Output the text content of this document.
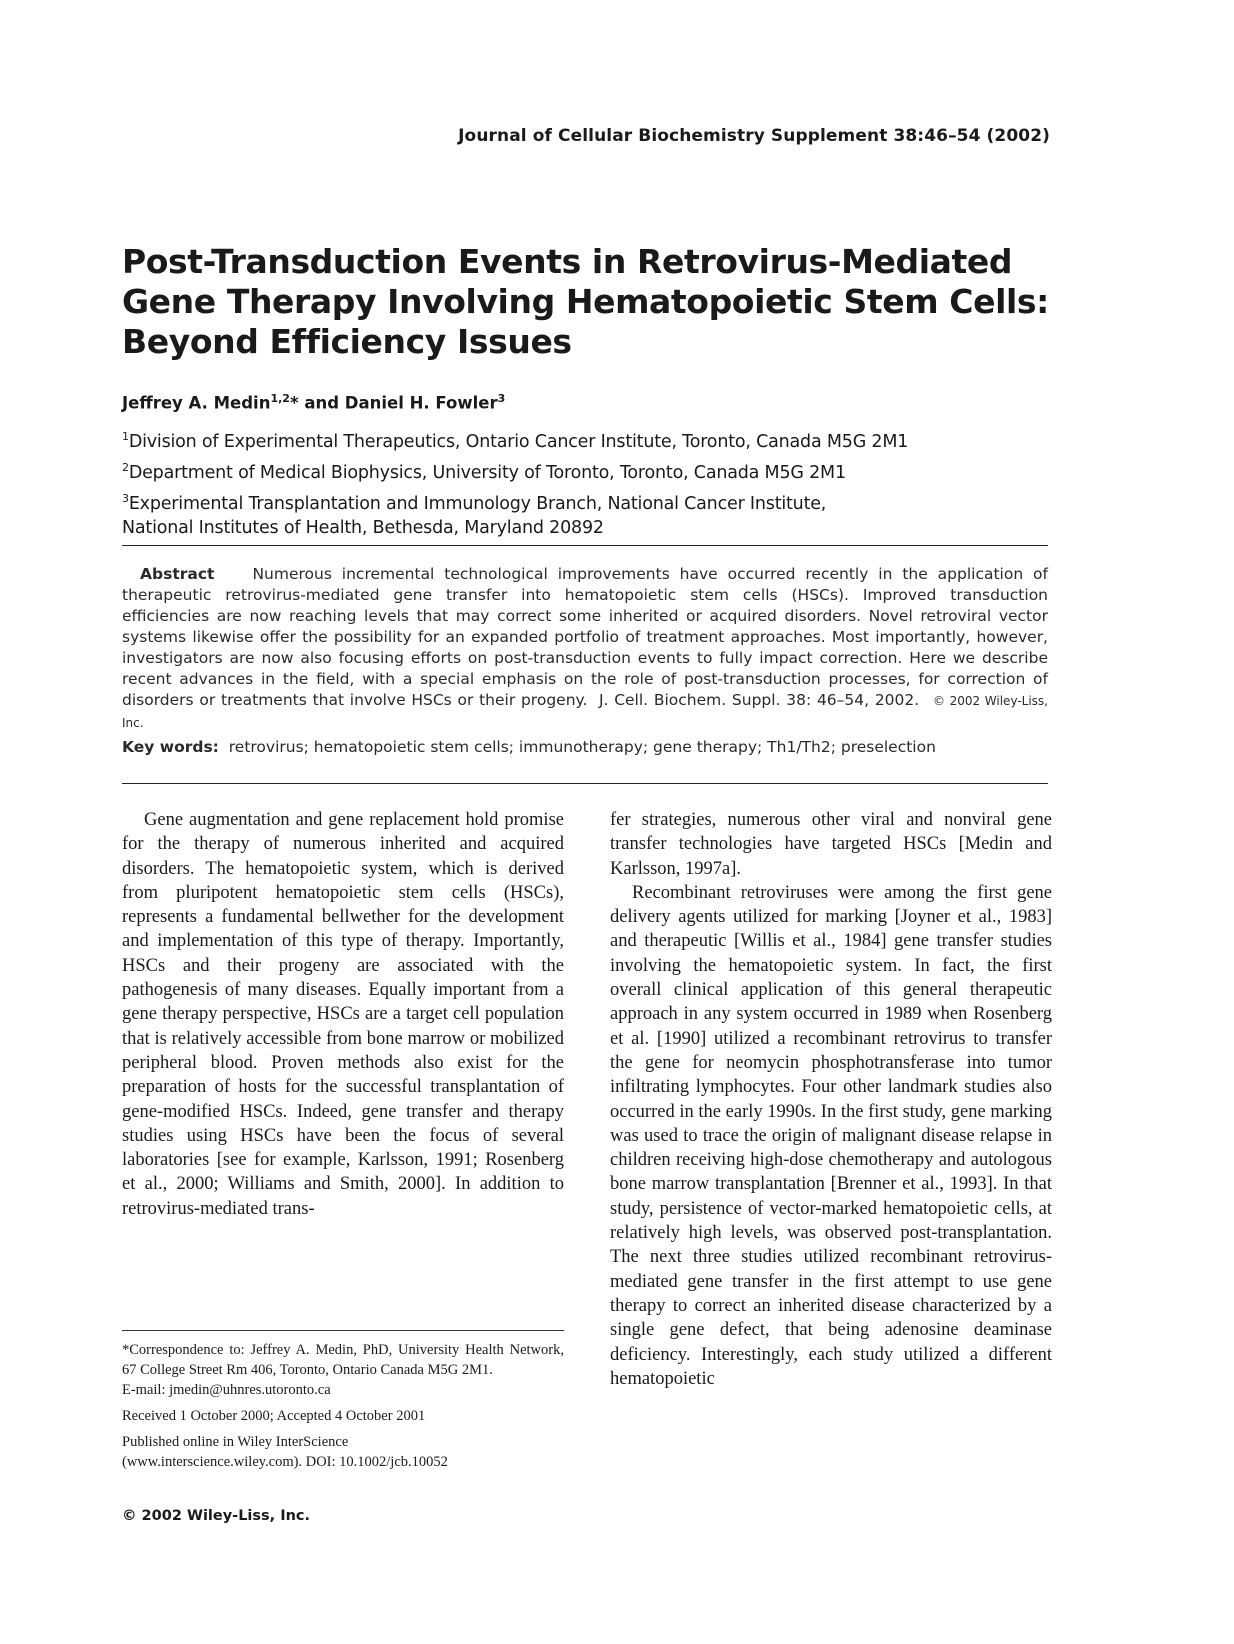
Journal of Cellular Biochemistry Supplement 38:46–54 (2002)
Post-Transduction Events in Retrovirus-Mediated Gene Therapy Involving Hematopoietic Stem Cells: Beyond Efficiency Issues
Jeffrey A. Medin$^{1,2}$* and Daniel H. Fowler$^3$
$^1$Division of Experimental Therapeutics, Ontario Cancer Institute, Toronto, Canada M5G 2M1
$^2$Department of Medical Biophysics, University of Toronto, Toronto, Canada M5G 2M1
$^3$Experimental Transplantation and Immunology Branch, National Cancer Institute,
National Institutes of Health, Bethesda, Maryland 20892

Abstract Numerous incremental technological improvements have occurred recently in the application of therapeutic retrovirus-mediated gene transfer into hematopoietic stem cells (HSCs). Improved transduction efficiencies are now reaching levels that may correct some inherited or acquired disorders. Novel retroviral vector systems likewise offer the possibility for an expanded portfolio of treatment approaches. Most importantly, however, investigators are now also focusing efforts on post-transduction events to fully impact correction. Here we describe recent advances in the field, with a special emphasis on the role of post-transduction processes, for correction of disorders or treatments that involve HSCs or their progeny. J. Cell. Biochem. Suppl. 38: 46–54, 2002. © 2002 Wiley-Liss, Inc.

Key words: retrovirus; hematopoietic stem cells; immunotherapy; gene therapy; Th1/Th2; preselection

Gene augmentation and gene replacement hold promise for the therapy of numerous inherited and acquired disorders. The hematopoietic system, which is derived from pluripotent hematopoietic stem cells (HSCs), represents a fundamental bellwether for the development and implementation of this type of therapy. Importantly, HSCs and their progeny are associated with the pathogenesis of many diseases. Equally important from a gene therapy perspective, HSCs are a target cell population that is relatively accessible from bone marrow or mobilized peripheral blood. Proven methods also exist for the preparation of hosts for the successful transplantation of gene-modified HSCs. Indeed, gene transfer and therapy studies using HSCs have been the focus of several laboratories [see for example, Karlsson, 1991; Rosenberg et al., 2000; Williams and Smith, 2000]. In addition to retrovirus-mediated trans-

fer strategies, numerous other viral and nonviral gene transfer technologies have targeted HSCs [Medin and Karlsson, 1997a].

Recombinant retroviruses were among the first gene delivery agents utilized for marking [Joyner et al., 1983] and therapeutic [Willis et al., 1984] gene transfer studies involving the hematopoietic system. In fact, the first overall clinical application of this general therapeutic approach in any system occurred in 1989 when Rosenberg et al. [1990] utilized a recombinant retrovirus to transfer the gene for neomycin phosphotransferase into tumor infiltrating lymphocytes. Four other landmark studies also occurred in the early 1990s. In the first study, gene marking was used to trace the origin of malignant disease relapse in children receiving high-dose chemotherapy and autologous bone marrow transplantation [Brenner et al., 1993]. In that study, persistence of vector-marked hematopoietic cells, at relatively high levels, was observed post-transplantation. The next three studies utilized recombinant retrovirus-mediated gene transfer in the first attempt to use gene therapy to correct an inherited disease characterized by a single gene defect, that being adenosine deaminase deficiency. Interestingly, each study utilized a different hematopoietic

*Correspondence to: Jeffrey A. Medin, PhD, University Health Network, 67 College Street Rm 406, Toronto, Ontario Canada M5G 2M1.

E-mail: jmedin@uhnres.utoronto.ca

Received 1 October 2000; Accepted 4 October 2001

Published online in Wiley InterScience

(www.interscience.wiley.com). DOI: 10.1002/jcb.10052

© 2002 Wiley-Liss, Inc.
